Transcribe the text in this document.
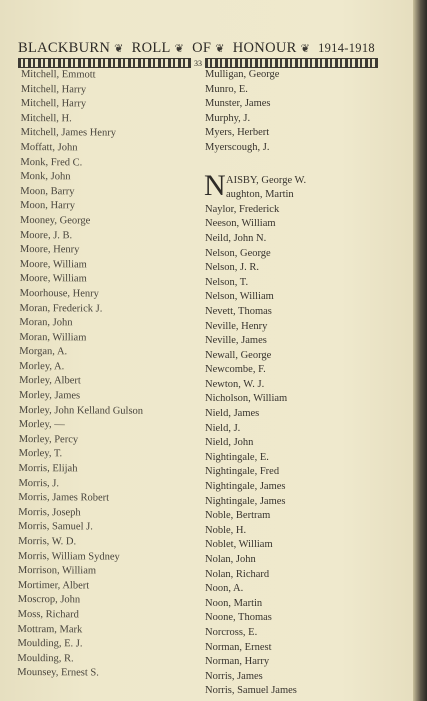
BLACKBURN ❦ ROLL ❦ OF ❦ HONOUR ❦ 1914-1918
33
Mitchell, Emmott
Mitchell, Harry
Mitchell, Harry
Mitchell, H.
Mitchell, James Henry
Moffatt, John
Monk, Fred C.
Monk, John
Moon, Barry
Moon, Harry
Mooney, George
Moore, J. B.
Moore, Henry
Moore, William
Moore, William
Moorhouse, Henry
Moran, Frederick J.
Moran, John
Moran, William
Morgan, A.
Morley, A.
Morley, Albert
Morley, James
Morley, John Kelland Gulson
Morley, —
Morley, Percy
Morley, T.
Morris, Elijah
Morris, J.
Morris, James Robert
Morris, Joseph
Morris, Samuel J.
Morris, W. D.
Morris, William Sydney
Morrison, William
Mortimer, Albert
Moscrop, John
Moss, Richard
Mottram, Mark
Moulding, E. J.
Moulding, R.
Mounsey, Ernest S.
Mulligan, George
Munro, E.
Munster, James
Murphy, J.
Myers, Herbert
Myerscough, J.
N AISBY, George W.
aughton, Martin
Naylor, Frederick
Neeson, William
Neild, John N.
Nelson, George
Nelson, J. R.
Nelson, T.
Nelson, William
Nevett, Thomas
Neville, Henry
Neville, James
Newall, George
Newcombe, F.
Newton, W. J.
Nicholson, William
Nield, James
Nield, J.
Nield, John
Nightingale, E.
Nightingale, Fred
Nightingale, James
Nightingale, James
Noble, Bertram
Noble, H.
Noblet, William
Nolan, John
Nolan, Richard
Noon, A.
Noon, Martin
Noone, Thomas
Norcross, E.
Norman, Ernest
Norman, Harry
Norris, James
Norris, Samuel James
